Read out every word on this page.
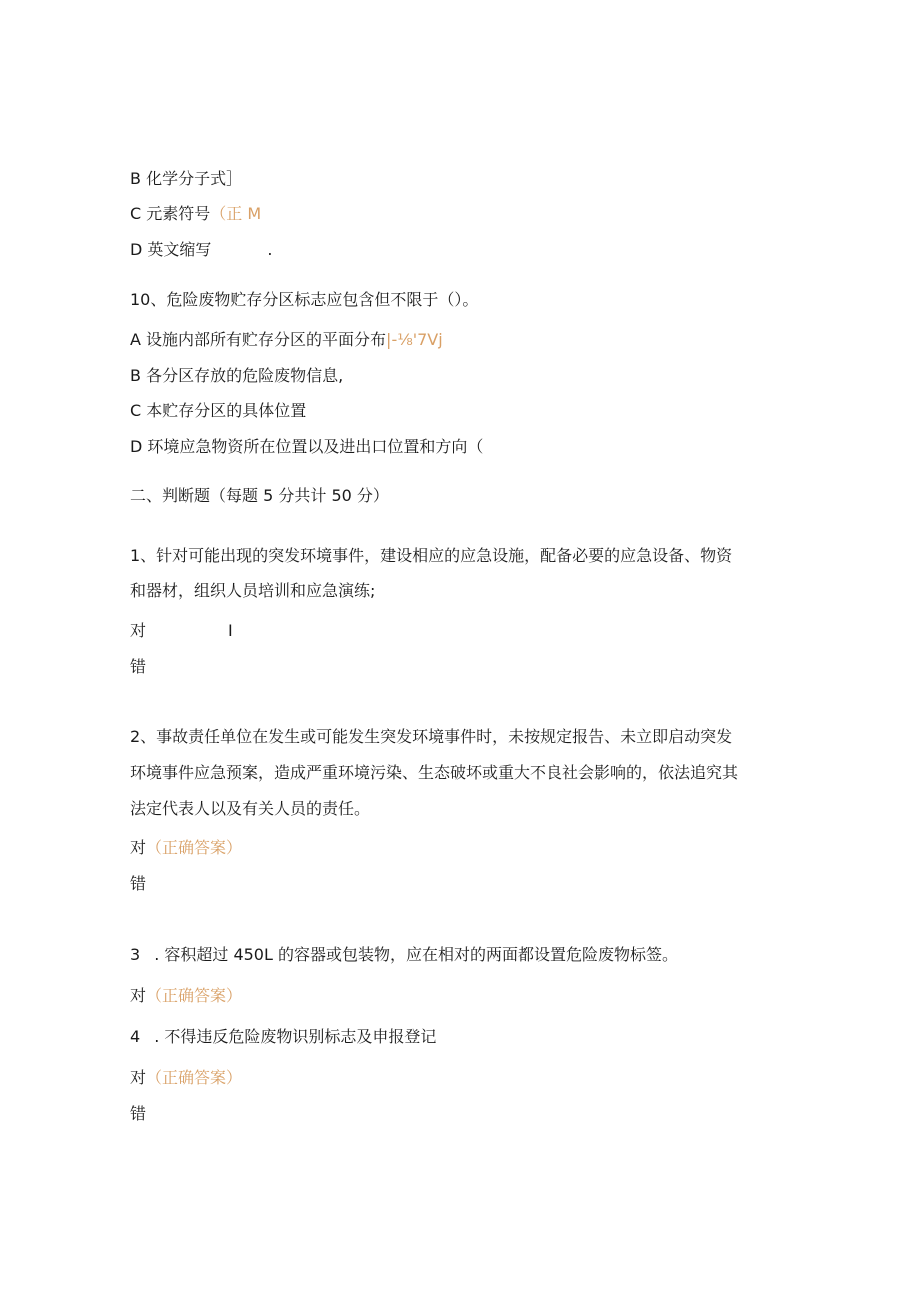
B 化学分子式］
C 元素符号（正 M
D 英文缩写	.
10、危险废物贮存分区标志应包含但不限于（）。
A 设施内部所有贮存分区的平面分布|-⅛'7Vj
B 各分区存放的危险废物信息,
C 本贮存分区的具体位置
D 环境应急物资所在位置以及进出口位置和方向（
二、判断题（每题 5 分共计 50 分）
1、针对可能出现的突发环境事件，建设相应的应急设施，配备必要的应急设备、物资
和器材，组织人员培训和应急演练;
对	I
错
2、事故责任单位在发生或可能发生突发环境事件时，未按规定报告、未立即启动突发
环境事件应急预案，造成严重环境污染、生态破坏或重大不良社会影响的，依法追究其
法定代表人以及有关人员的责任。
对（正确答案）
错
3 . 容积超过 450L 的容器或包装物，应在相对的两面都设置危险废物标签。
对（正确答案）
4 . 不得违反危险废物识别标志及申报登记
对（正确答案）
错
